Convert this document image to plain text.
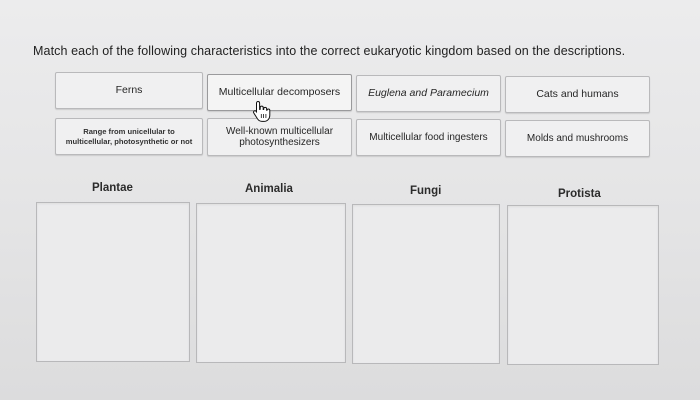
Match each of the following characteristics into the correct eukaryotic kingdom based on the descriptions.
Ferns	Multicellular decomposers	Euglena and Paramecium	Cats and humans
Range from unicellular to multicellular, photosynthetic or not
Well-known multicellular photosynthesizers	Multicellular food ingesters	Molds and mushrooms
Plantae	Animalia	Fungi	Protista
